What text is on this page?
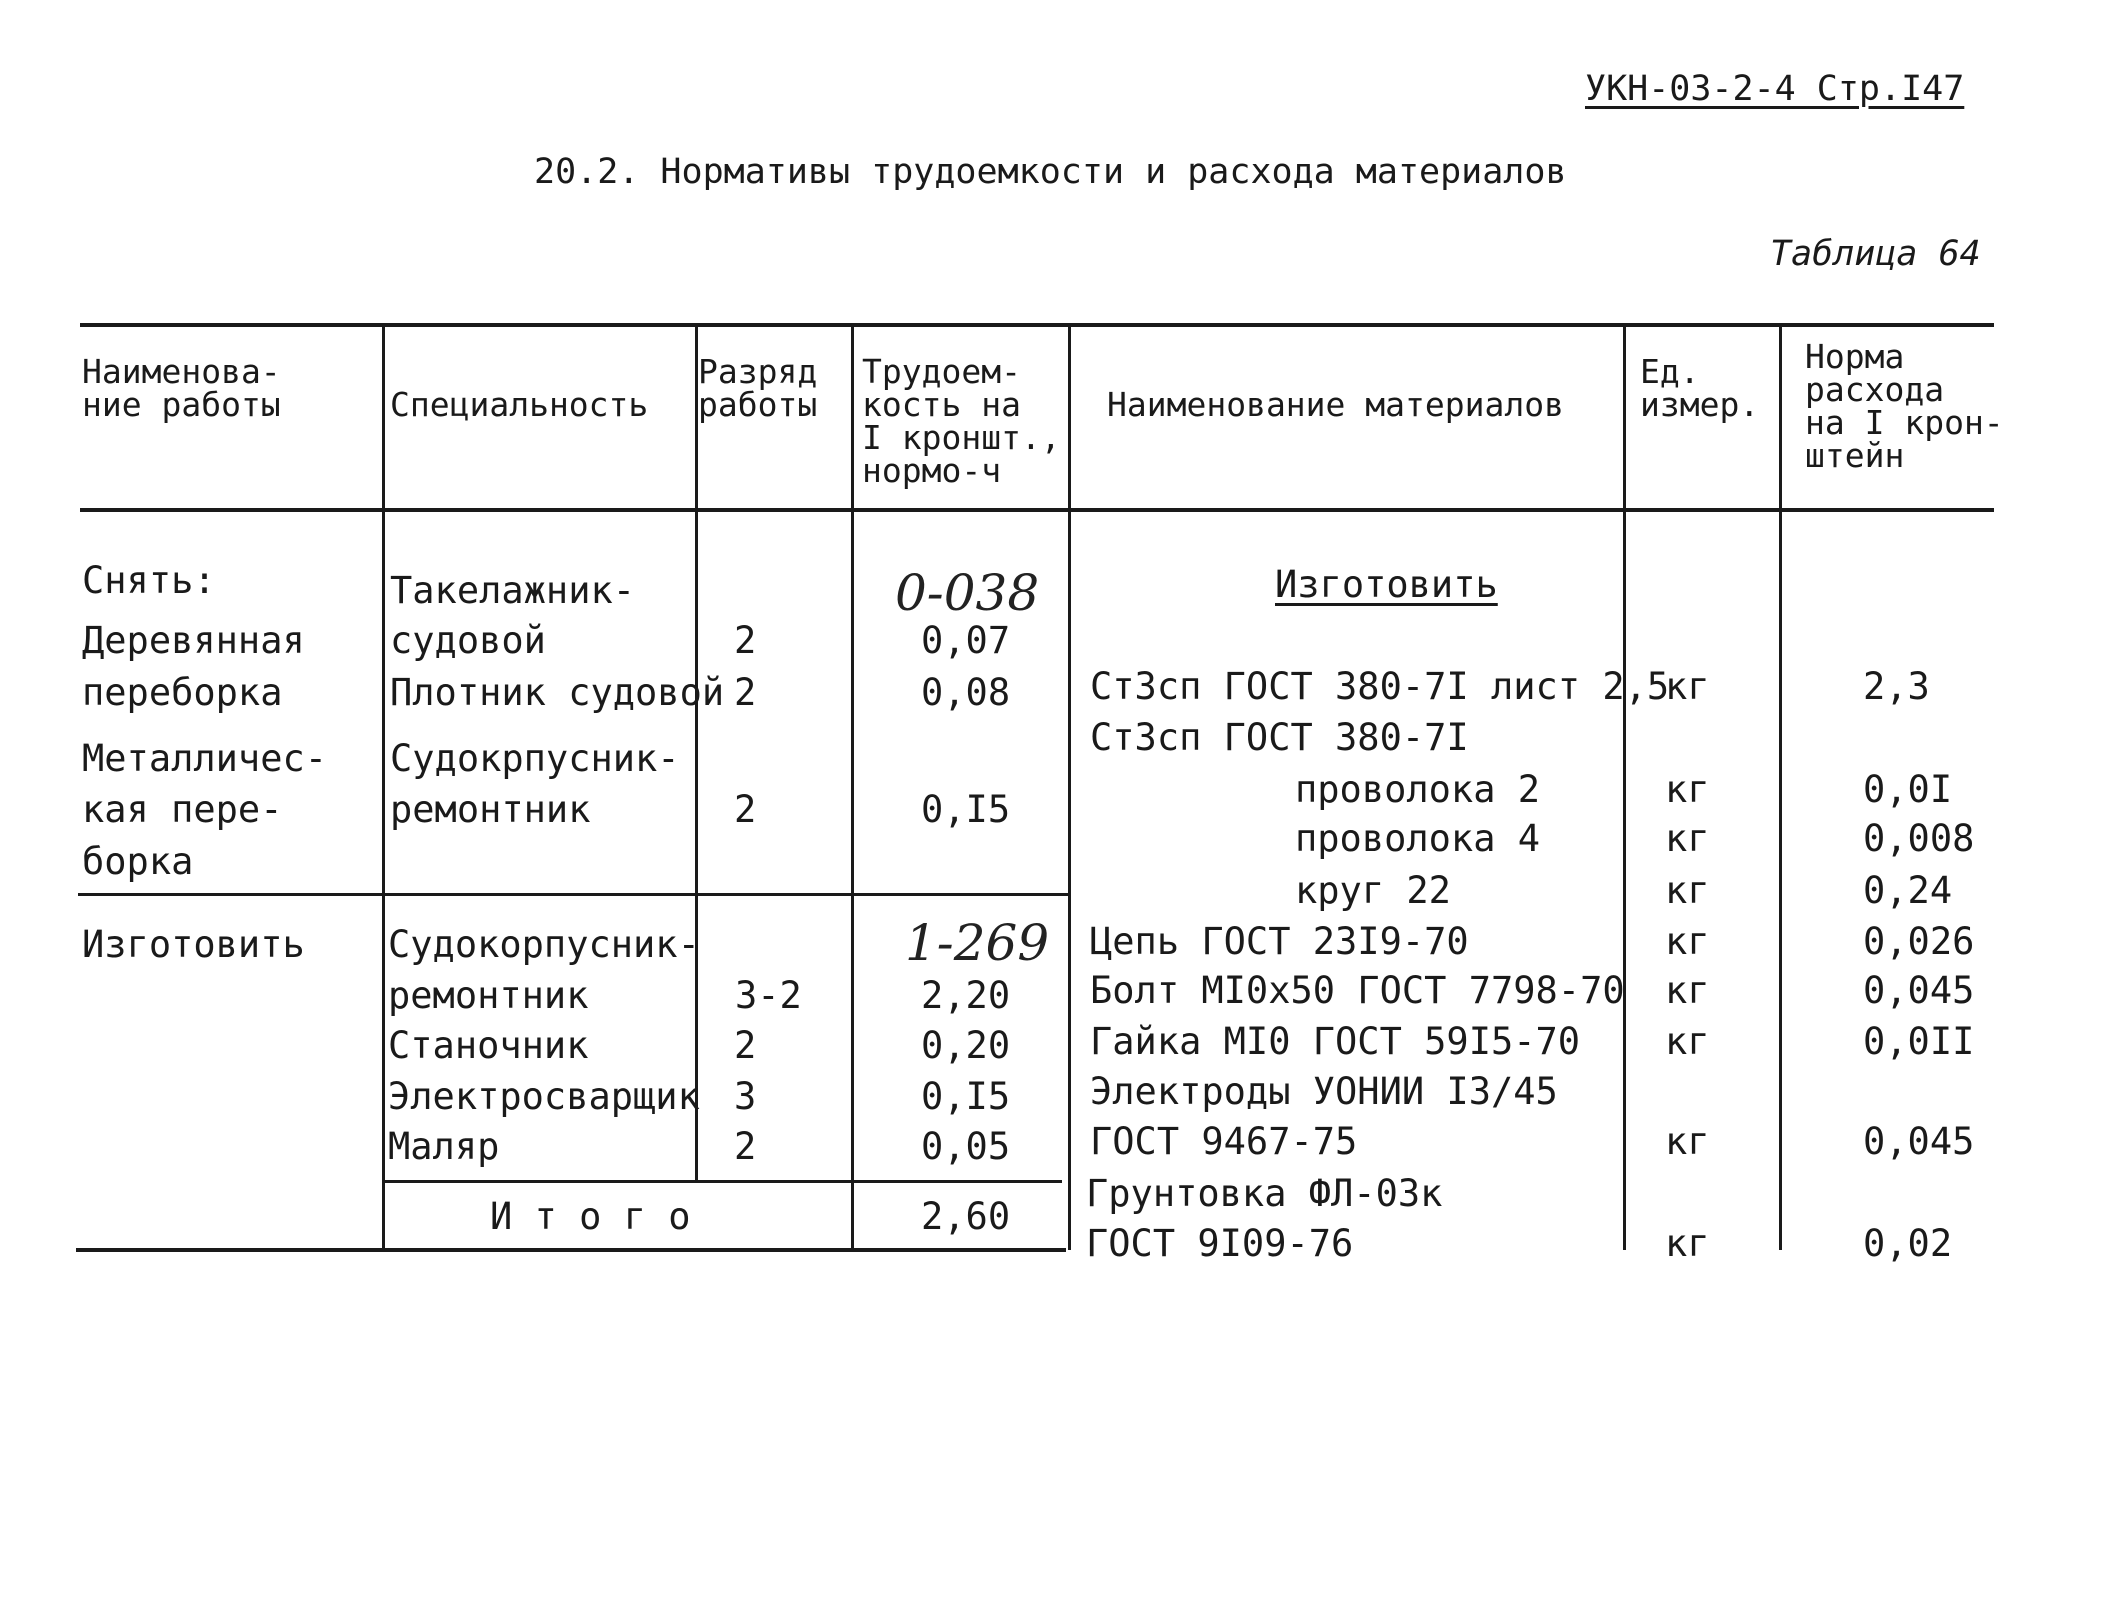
УКН-03-2-4 Стр.I47
20.2. Нормативы трудоемкости и расхода материалов
Таблица 64
Наименова-
ние работы	Специальность
Разряд
работы
Трудоем-
кость на
I кроншт.,
нормо-ч
Наименование материалов
Ед.
измер.
Норма
расхода
на I крон-
штейн
Снять:
Деревянная
переборка
Металличес-
кая пере-
борка
Изготовить
Такелажник-
судовой
Плотник судовой
Судокрпусник-
ремонтник
Судокорпусник-
ремонтник
Станочник
Электросварщик
Маляр
2
2
2
3-2
2
3
2
0-038
0,07
0,08
0,I5
1-269
2,20
0,20
0,I5
0,05
И т о г о	2,60
Изготовить
Ст3сп ГОСТ 380-7I лист 2,5
Ст3сп ГОСТ 380-7I
проволока 2
проволока 4
круг 22
Цепь ГОСТ 23I9-70
Болт MI0x50 ГОСТ 7798-70
Гайка MI0 ГОСТ 59I5-70
Электроды УОНИИ I3/45
ГОСТ 9467-75
Грунтовка ФЛ-03к
ГОСТ 9I09-76
кг
кг
кг
кг
кг
кг
кг
кг
кг
2,3
0,0I
0,008
0,24
0,026
0,045
0,0II
0,045
0,02
